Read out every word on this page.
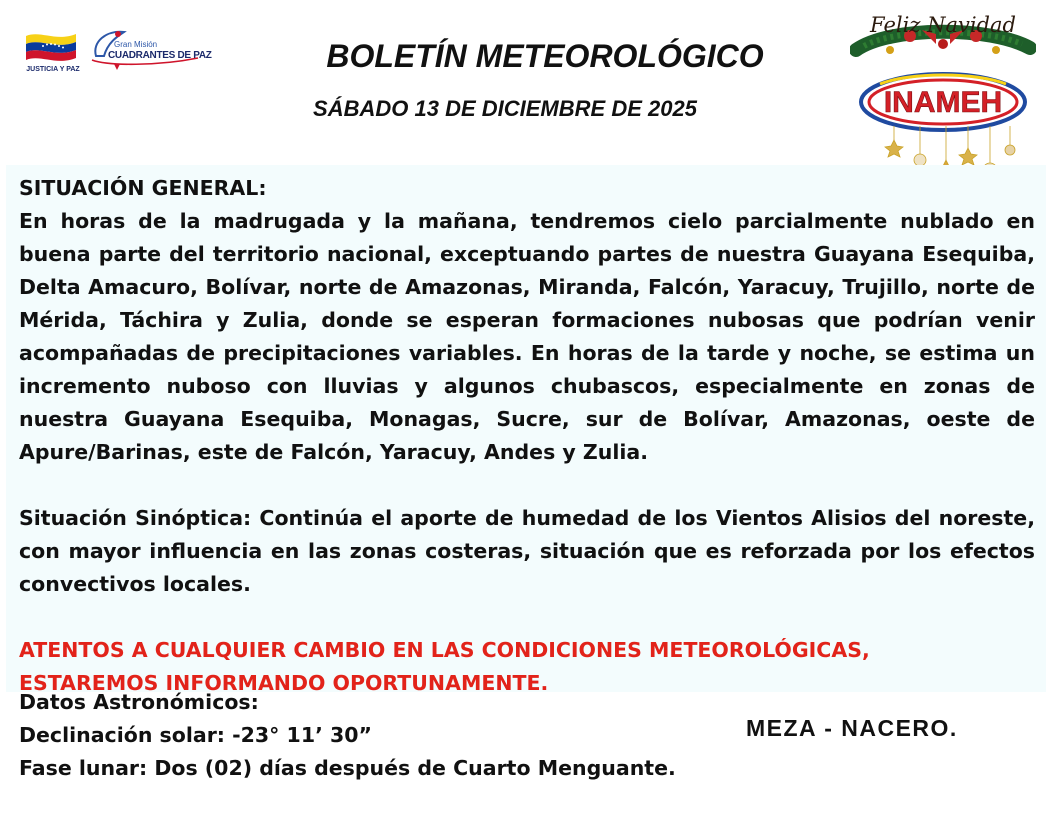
JUSTICIA Y PAZ
Gran Misión
CUADRANTES DE PAZ	BOLETÍN METEOROLÓGICO
SÁBADO 13 DE DICIEMBRE DE 2025
Feliz Navidad
INAMEH

SITUACIÓN GENERAL:

En horas de la madrugada y la mañana, tendremos cielo parcialmente nublado en buena parte del territorio nacional, exceptuando partes de nuestra Guayana Esequiba, Delta Amacuro, Bolívar, norte de Amazonas, Miranda, Falcón, Yaracuy, Trujillo, norte de Mérida, Táchira y Zulia, donde se esperan formaciones nubosas que podrían venir acompañadas de precipitaciones variables. En horas de la tarde y noche, se estima un incremento nuboso con lluvias y algunos chubascos, especialmente en zonas de nuestra Guayana Esequiba, Monagas, Sucre, sur de Bolívar, Amazonas, oeste de Apure/Barinas, este de Falcón, Yaracuy, Andes y Zulia.

Situación Sinóptica: Continúa el aporte de humedad de los Vientos Alisios del noreste, con mayor influencia en las zonas costeras, situación que es reforzada por los efectos convectivos locales.

ATENTOS A CUALQUIER CAMBIO EN LAS CONDICIONES METEOROLÓGICAS,
ESTAREMOS INFORMANDO OPORTUNAMENTE.
Datos Astronómicos:
Declinación solar: -23° 11’ 30”
Fase lunar: Dos (02) días después de Cuarto Menguante.
MEZA - NACERO.
